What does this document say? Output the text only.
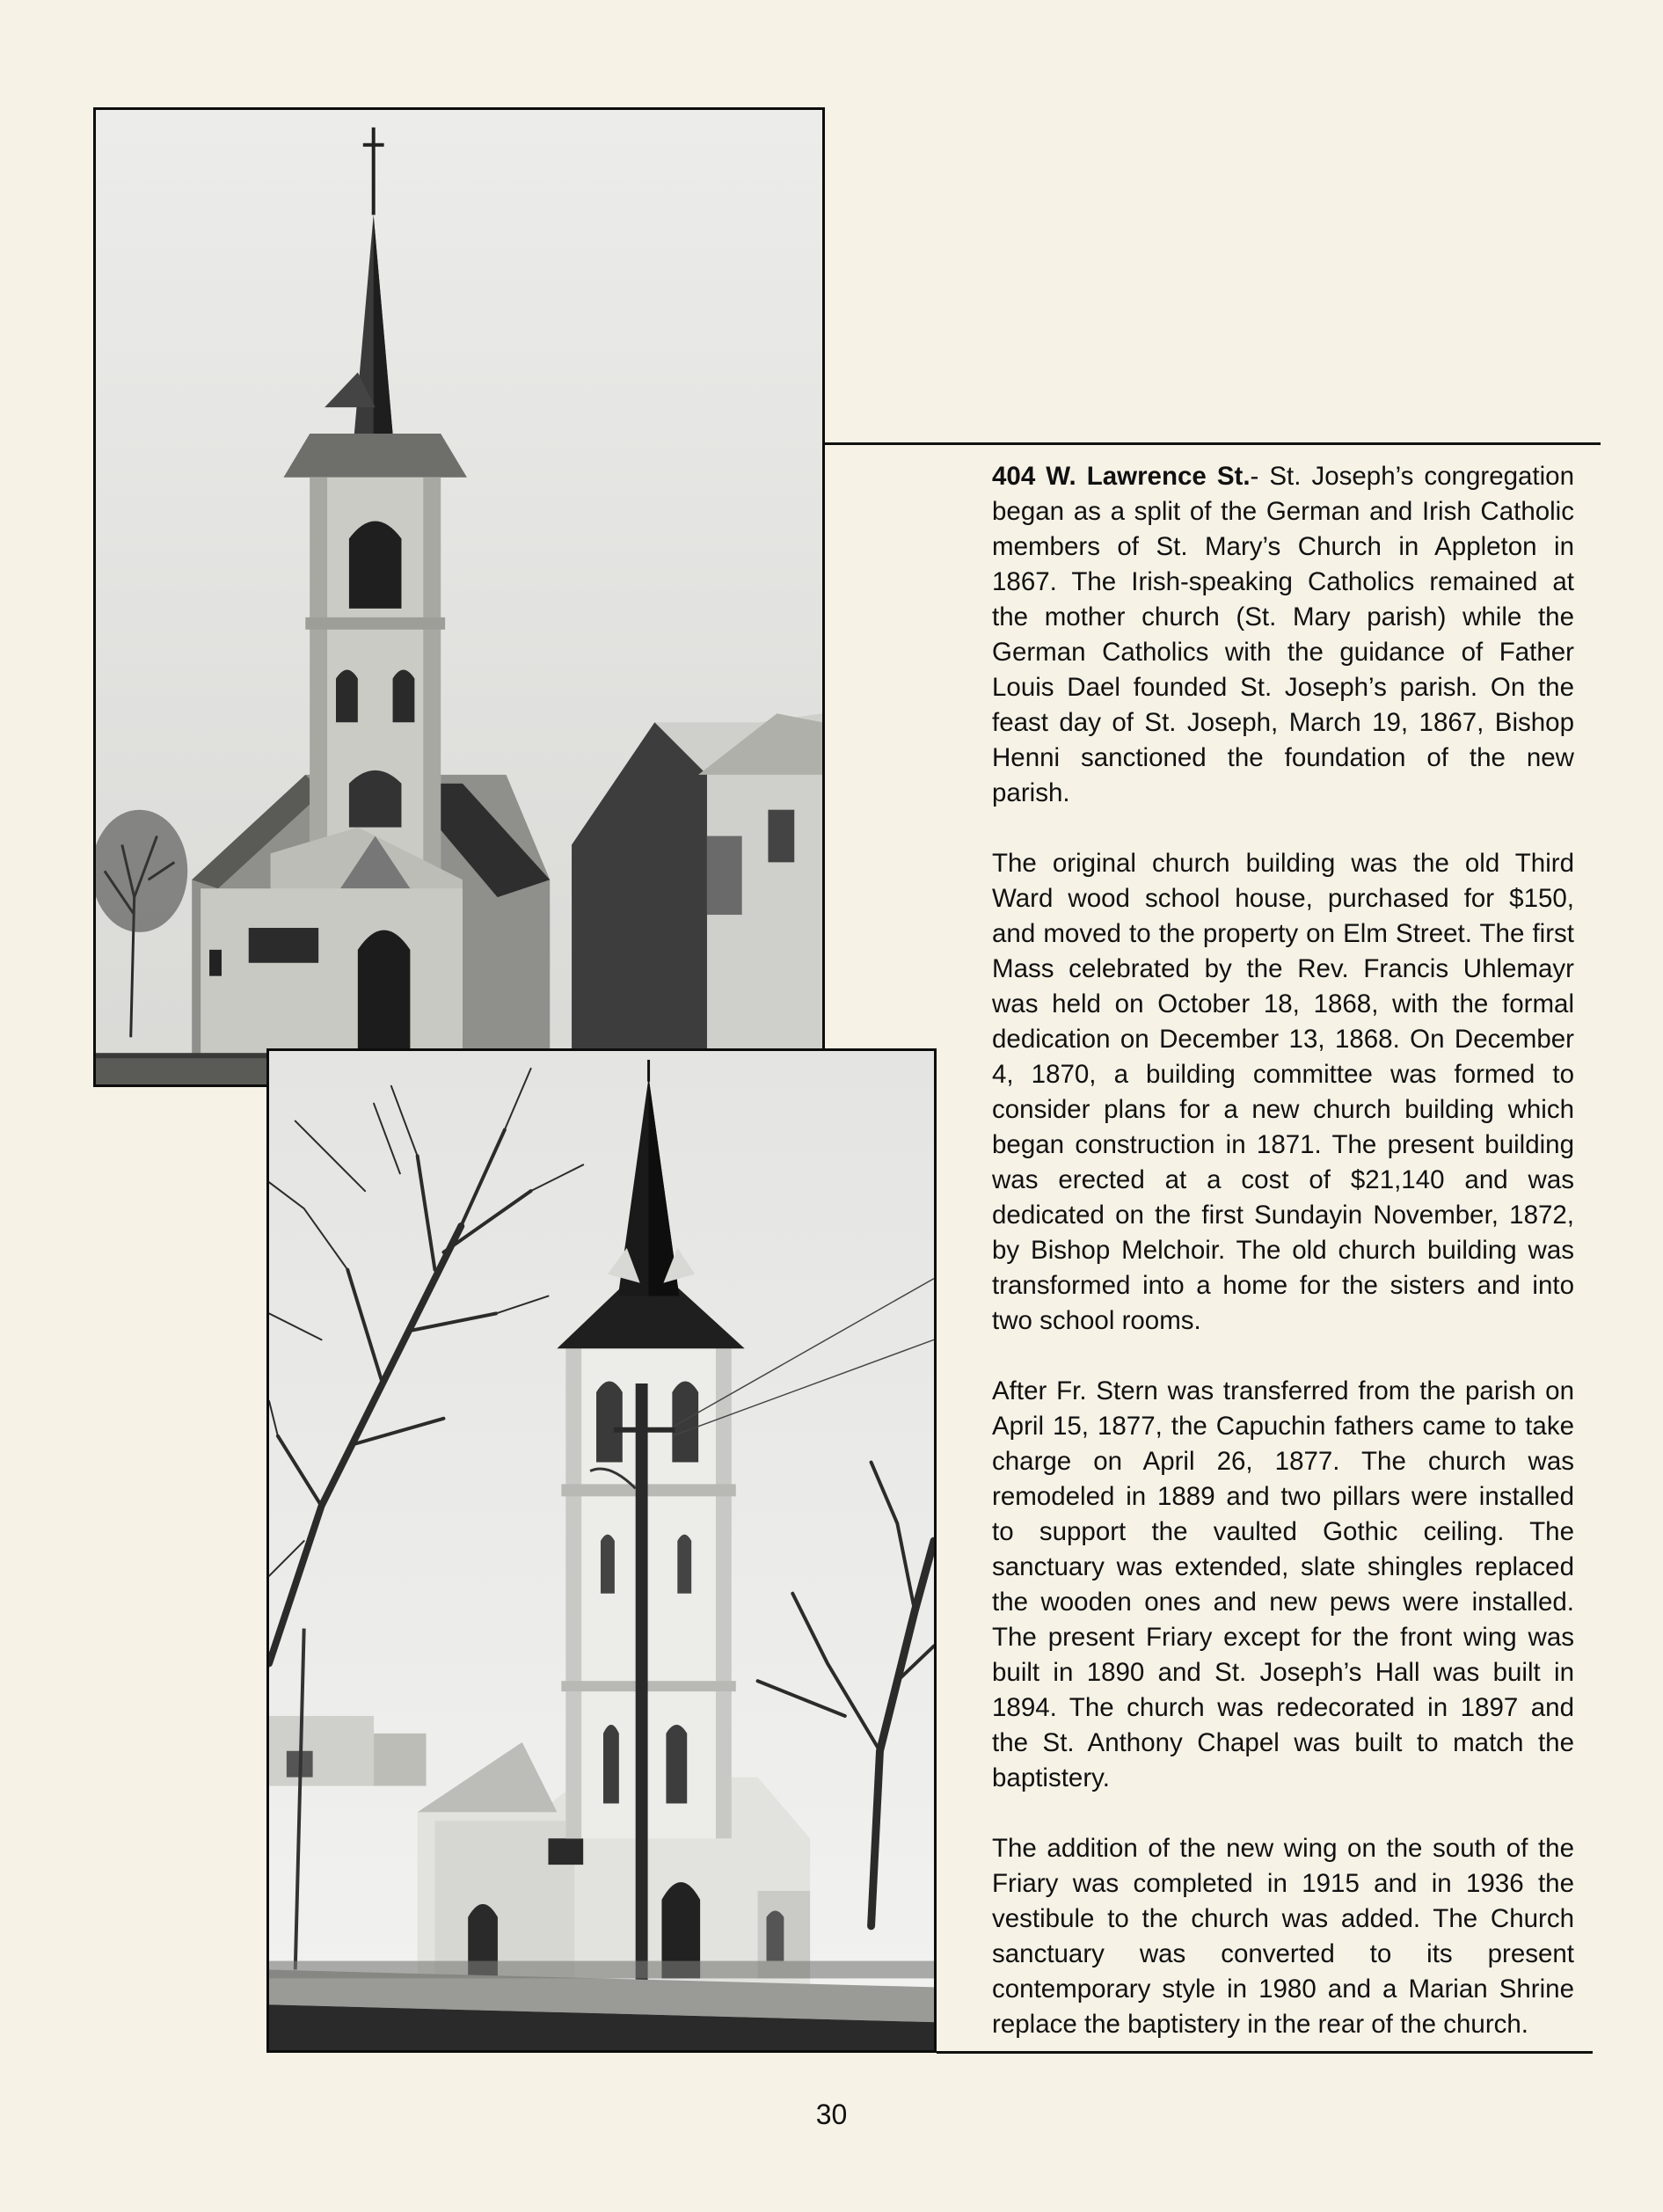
404 W. Lawrence St.- St. Joseph’s congregation began as a split of the German and Irish Catholic members of St. Mary’s Church in Appleton in 1867. The Irish-speaking Catholics remained at the mother church (St. Mary parish) while the German Catholics with the guidance of Father Louis Dael founded St. Joseph’s parish. On the feast day of St. Joseph, March 19, 1867, Bishop Henni sanctioned the foundation of the new parish.

The original church building was the old Third Ward wood school house, purchased for $150, and moved to the property on Elm Street. The first Mass celebrated by the Rev. Francis Uhlemayr was held on October 18, 1868, with the formal dedication on December 13, 1868. On December 4, 1870, a building committee was formed to consider plans for a new church building which began construction in 1871. The present building was erected at a cost of $21,140 and was dedicated on the first Sundayin November, 1872, by Bishop Melchoir. The old church building was transformed into a home for the sisters and into two school rooms.

After Fr. Stern was transferred from the parish on April 15, 1877, the Capuchin fathers came to take charge on April 26, 1877. The church was remodeled in 1889 and two pillars were installed to support the vaulted Gothic ceiling. The sanctuary was extended, slate shingles replaced the wooden ones and new pews were installed. The present Friary except for the front wing was built in 1890 and St. Joseph’s Hall was built in 1894. The church was redecorated in 1897 and the St. Anthony Chapel was built to match the baptistery.

The addition of the new wing on the south of the Friary was completed in 1915 and in 1936 the vestibule to the church was added. The Church sanctuary was converted to its present contemporary style in 1980 and a Marian Shrine replace the baptistery in the rear of the church.

30
